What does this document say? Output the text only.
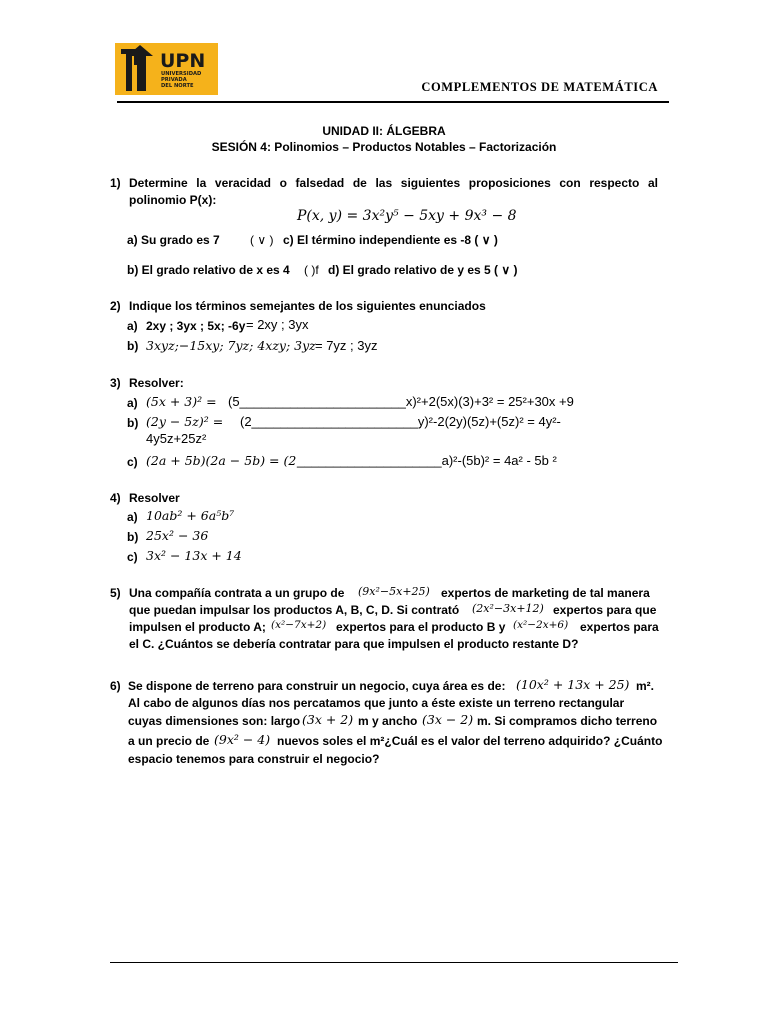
UPN
UNIVERSIDAD
PRIVADA
DEL NORTE	COMPLEMENTOS DE MATEMÁTICA
UNIDAD II: ÁLGEBRA
SESIÓN 4: Polinomios – Productos Notables – Factorización
1) Determine la veracidad o falsedad de las siguientes proposiciones con respecto al
polinomio P(x):
P(x, y) = 3x²y⁵ − 5xy + 9x³ − 8
a) Su grado es 7	( ∨ ) c) El término independiente es -8 ( ∨ )
b) El grado relativo de x es 4 ( )f d) El grado relativo de y es 5 ( ∨ )
2) Indique los términos semejantes de los siguientes enunciados
a) 2xy ; 3yx ; 5x; -6y = 2xy ; 3yx
b) 3xyz;−15xy; 7yz; 4xzy; 3yz = 7yz ; 3yz
3) Resolver:
a) (5x + 3)² = (5_______________________x)²+2(5x)(3)+3² = 25²+30x +9
b) (2y − 5z)² = (2_______________________y)²-2(2y)(5z)+(5z)² = 4y²-
4y5z+25z²
c) (2a + 5b)(2a − 5b) = (2 ____________________a)²-(5b)² = 4a² - 5b ²
4) Resolver
a) 10ab² + 6a⁵b⁷
b) 25x² − 36
c) 3x² − 13x + 14
5) Una compañía contrata a un grupo de (9x²−5x+25) expertos de marketing de tal manera
que puedan impulsar los productos A, B, C, D. Si contrató (2x²−3x+12) expertos para que
impulsen el producto A; (x²−7x+2) expertos para el producto B y (x²−2x+6) expertos para
el C. ¿Cuántos se debería contratar para que impulsen el producto restante D?
6) Se dispone de terreno para construir un negocio, cuya área es de: (10x² + 13x + 25) m².
Al cabo de algunos días nos percatamos que junto a éste existe un terreno rectangular
cuyas dimensiones son: largo (3x + 2) m y ancho (3x − 2) m. Si compramos dicho terreno
a un precio de (9x² − 4) nuevos soles el m²¿Cuál es el valor del terreno adquirido? ¿Cuánto
espacio tenemos para construir el negocio?
